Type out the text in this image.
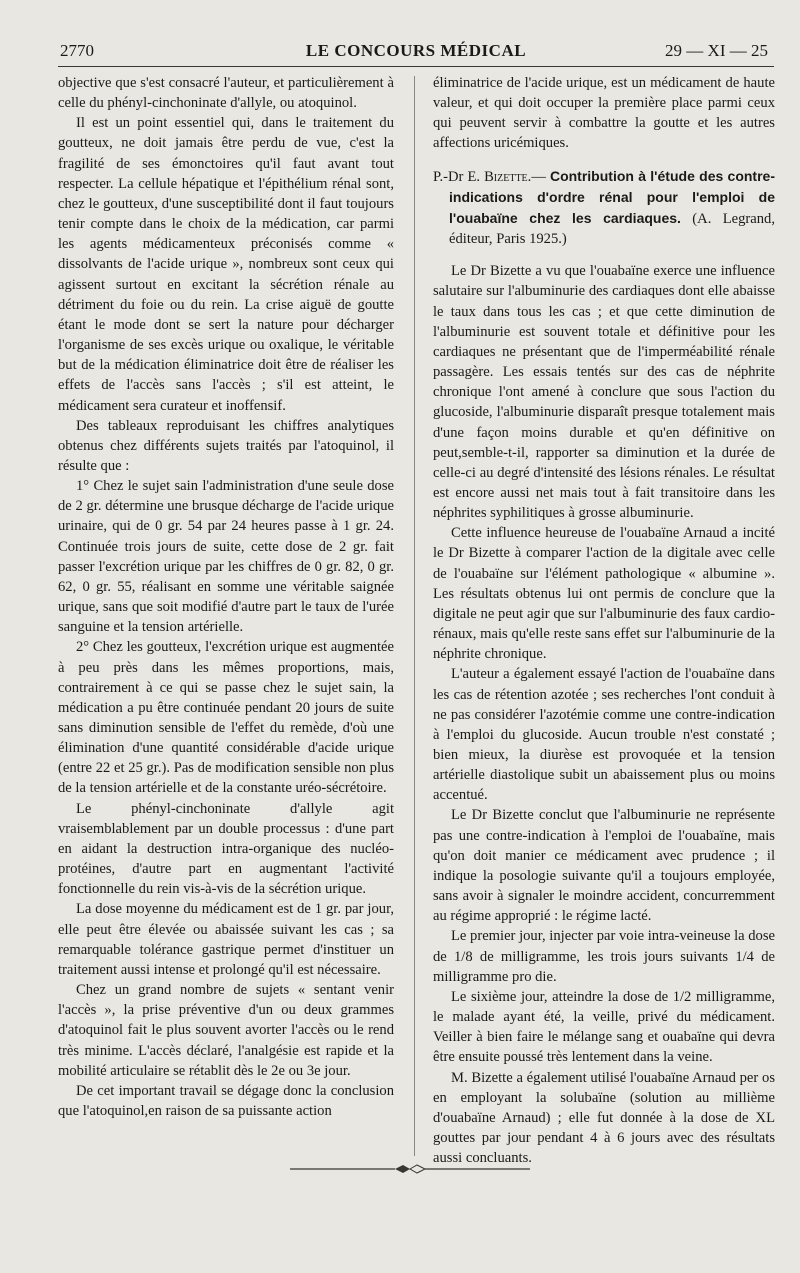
2770	LE CONCOURS MÉDICAL	29 — XI — 25

objective que s'est consacré l'auteur, et particulièrement à celle du phényl-cinchoninate d'allyle, ou atoquinol.

Il est un point essentiel qui, dans le traitement du goutteux, ne doit jamais être perdu de vue, c'est la fragilité de ses émonctoires qu'il faut avant tout respecter. La cellule hépatique et l'épithélium rénal sont, chez le goutteux, d'une susceptibilité dont il faut toujours tenir compte dans le choix de la médication, car parmi les agents médicamenteux préconisés comme « dissolvants de l'acide urique », nombreux sont ceux qui agissent surtout en excitant la sécrétion rénale au détriment du foie ou du rein. La crise aiguë de goutte étant le mode dont se sert la nature pour décharger l'organisme de ses excès urique ou oxalique, le véritable but de la médication éliminatrice doit être de réaliser les effets de l'accès sans l'accès ; s'il est atteint, le médicament sera curateur et inoffensif.

Des tableaux reproduisant les chiffres analytiques obtenus chez différents sujets traités par l'atoquinol, il résulte que :

1° Chez le sujet sain l'administration d'une seule dose de 2 gr. détermine une brusque décharge de l'acide urique urinaire, qui de 0 gr. 54 par 24 heures passe à 1 gr. 24. Continuée trois jours de suite, cette dose de 2 gr. fait passer l'excrétion urique par les chiffres de 0 gr. 82, 0 gr. 62, 0 gr. 55, réalisant en somme une véritable saignée urique, sans que soit modifié d'autre part le taux de l'urée sanguine et la tension artérielle.

2° Chez les goutteux, l'excrétion urique est augmentée à peu près dans les mêmes proportions, mais, contrairement à ce qui se passe chez le sujet sain, la médication a pu être continuée pendant 20 jours de suite sans diminution sensible de l'effet du remède, d'où une élimination d'une quantité considérable d'acide urique (entre 22 et 25 gr.). Pas de modification sensible non plus de la tension artérielle et de la constante uréo-sécrétoire.

Le phényl-cinchoninate d'allyle agit vraisemblablement par un double processus : d'une part en aidant la destruction intra-organique des nucléo-protéines, d'autre part en augmentant l'activité fonctionnelle du rein vis-à-vis de la sécrétion urique.

La dose moyenne du médicament est de 1 gr. par jour, elle peut être élevée ou abaissée suivant les cas ; sa remarquable tolérance gastrique permet d'instituer un traitement aussi intense et prolongé qu'il est nécessaire.

Chez un grand nombre de sujets « sentant venir l'accès », la prise préventive d'un ou deux grammes d'atoquinol fait le plus souvent avorter l'accès ou le rend très minime. L'accès déclaré, l'analgésie est rapide et la mobilité articulaire se rétablit dès le 2e ou 3e jour.

De cet important travail se dégage donc la conclusion que l'atoquinol,en raison de sa puissante action

éliminatrice de l'acide urique, est un médicament de haute valeur, et qui doit occuper la première place parmi ceux qui peuvent servir à combattre la goutte et les autres affections uricémiques.

P.-Dr E. Bizette.— Contribution à l'étude des contre-indications d'ordre rénal pour l'emploi de l'ouabaïne chez les cardiaques. (A. Legrand, éditeur, Paris 1925.)

Le Dr Bizette a vu que l'ouabaïne exerce une influence salutaire sur l'albuminurie des cardiaques dont elle abaisse le taux dans tous les cas ; et que cette diminution de l'albuminurie est souvent totale et définitive pour les cardiaques ne présentant que de l'imperméabilité rénale passagère. Les essais tentés sur des cas de néphrite chronique l'ont amené à conclure que sous l'action du glucoside, l'albuminurie disparaît presque totalement mais d'une façon moins durable et qu'en définitive on peut,semble-t-il, rapporter sa diminution et la durée de celle-ci au degré d'intensité des lésions rénales. Le résultat est encore aussi net mais tout à fait transitoire dans les néphrites syphilitiques à grosse albuminurie.

Cette influence heureuse de l'ouabaïne Arnaud a incité le Dr Bizette à comparer l'action de la digitale avec celle de l'ouabaïne sur l'élément pathologique « albumine ». Les résultats obtenus lui ont permis de conclure que la digitale ne peut agir que sur l'albuminurie des faux cardio-rénaux, mais qu'elle reste sans effet sur l'albuminurie de la néphrite chronique.

L'auteur a également essayé l'action de l'ouabaïne dans les cas de rétention azotée ; ses recherches l'ont conduit à ne pas considérer l'azotémie comme une contre-indication à l'emploi du glucoside. Aucun trouble n'est constaté ; bien mieux, la diurèse est provoquée et la tension artérielle diastolique subit un abaissement plus ou moins accentué.

Le Dr Bizette conclut que l'albuminurie ne représente pas une contre-indication à l'emploi de l'ouabaïne, mais qu'on doit manier ce médicament avec prudence ; il indique la posologie suivante qu'il a toujours employée, sans avoir à signaler le moindre accident, concurremment au régime approprié : le régime lacté.

Le premier jour, injecter par voie intra-veineuse la dose de 1/8 de milligramme, les trois jours suivants 1/4 de milligramme pro die.

Le sixième jour, atteindre la dose de 1/2 milligramme, le malade ayant été, la veille, privé du médicament. Veiller à bien faire le mélange sang et ouabaïne qui devra être ensuite poussé très lentement dans la veine.

M. Bizette a également utilisé l'ouabaïne Arnaud per os en employant la solubaïne (solution au millième d'ouabaïne Arnaud) ; elle fut donnée à la dose de XL gouttes par jour pendant 4 à 6 jours avec des résultats aussi concluants.
